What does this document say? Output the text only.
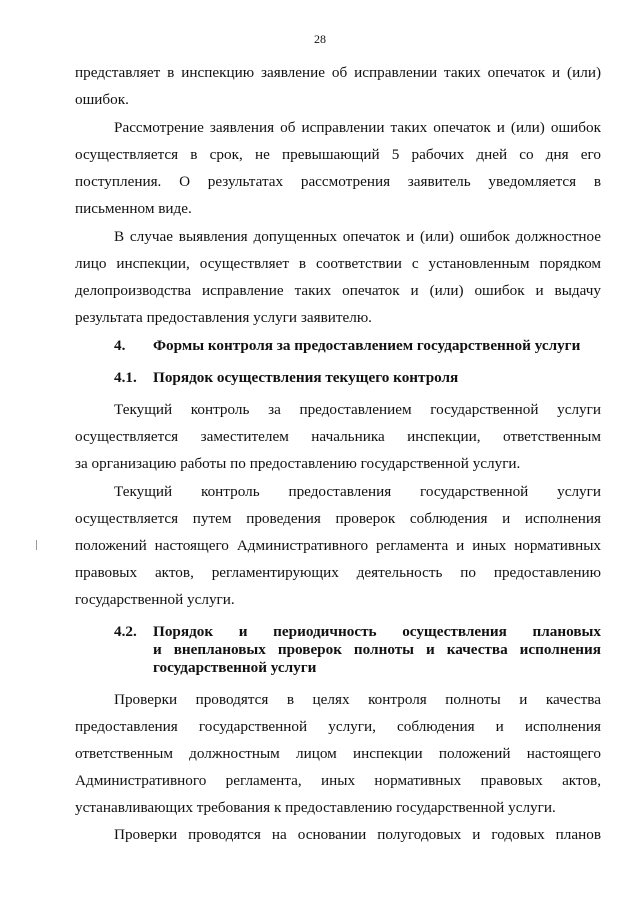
28
представляет в инспекцию заявление об исправлении таких опечаток и (или)
ошибок.
Рассмотрение заявления об исправлении таких опечаток и (или) ошибок
осуществляется в срок, не превышающий 5 рабочих дней со дня его
поступления. О результатах рассмотрения заявитель уведомляется в
письменном виде.
В случае выявления допущенных опечаток и (или) ошибок должностное
лицо инспекции, осуществляет в соответствии с установленным порядком
делопроизводства исправление таких опечаток и (или) ошибок и выдачу
результата предоставления услуги заявителю.
4. Формы контроля за предоставлением государственной услуги
4.1. Порядок осуществления текущего контроля
Текущий контроль за предоставлением государственной услуги
осуществляется заместителем начальника инспекции, ответственным
за организацию работы по предоставлению государственной услуги.
Текущий контроль предоставления государственной услуги
осуществляется путем проведения проверок соблюдения и исполнения
положений настоящего Административного регламента и иных нормативных
правовых актов, регламентирующих деятельность по предоставлению
государственной услуги.
4.2. Порядок и периодичность осуществления плановых
и внеплановых проверок полноты и качества исполнения
государственной услуги
Проверки проводятся в целях контроля полноты и качества
предоставления государственной услуги, соблюдения и исполнения
ответственным должностным лицом инспекции положений настоящего
Административного регламента, иных нормативных правовых актов,
устанавливающих требования к предоставлению государственной услуги.
Проверки проводятся на основании полугодовых и годовых планов
